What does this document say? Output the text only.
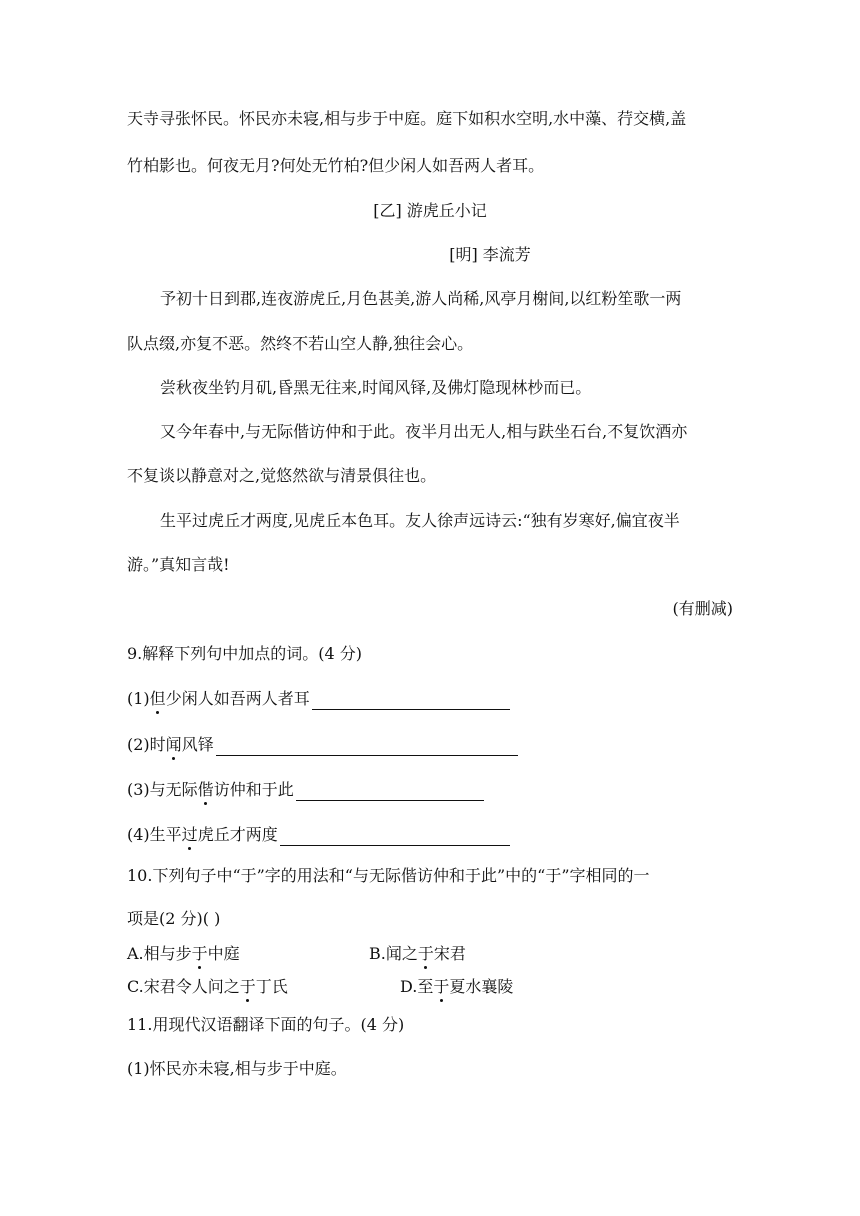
天寺寻张怀民。怀民亦未寝,相与步于中庭。庭下如积水空明,水中藻、荇交横,盖
竹柏影也。何夜无月?何处无竹柏?但少闲人如吾两人者耳。
[乙] 游虎丘小记
[明] 李流芳
予初十日到郡,连夜游虎丘,月色甚美,游人尚稀,风亭月榭间,以红粉笙歌一两
队点缀,亦复不恶。然终不若山空人静,独往会心。
尝秋夜坐钓月矶,昏黑无往来,时闻风铎,及佛灯隐现林杪而已。
又今年春中,与无际偕访仲和于此。夜半月出无人,相与趺坐石台,不复饮酒亦
不复谈以静意对之,觉悠然欲与清景俱往也。
生平过虎丘才两度,见虎丘本色耳。友人徐声远诗云:“独有岁寒好,偏宜夜半
游。”真知言哉!
(有删减)
9.解释下列句中加点的词。(4 分)
(1)但少闲人如吾两人者耳
(2)时闻风铎
(3)与无际偕访仲和于此
(4)生平过虎丘才两度
10.下列句子中“于”字的用法和“与无际偕访仲和于此”中的“于”字相同的一
项是(2 分)( )
A.相与步于中庭	B.闻之于宋君
C.宋君令人问之于丁氏	D.至于夏水襄陵
11.用现代汉语翻译下面的句子。(4 分)
(1)怀民亦未寝,相与步于中庭。
